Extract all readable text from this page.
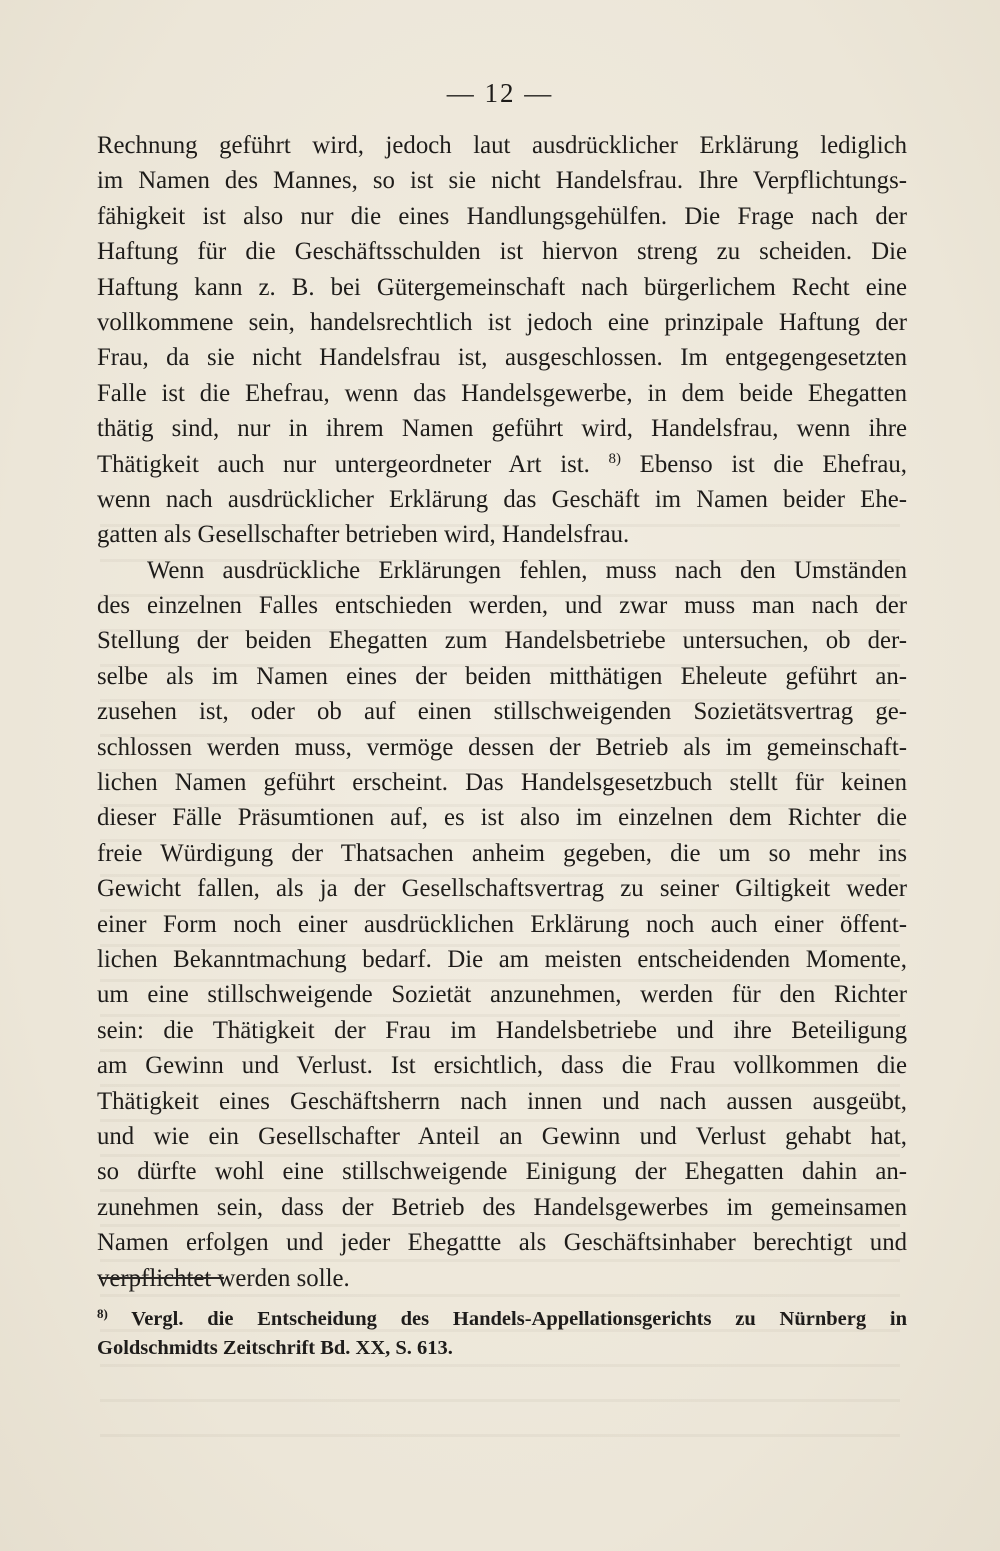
— 12 —
Rechnung geführt wird, jedoch laut ausdrücklicher Erklärung lediglich
im Namen des Mannes, so ist sie nicht Handelsfrau. Ihre Verpflichtungs-
fähigkeit ist also nur die eines Handlungsgehülfen. Die Frage nach der
Haftung für die Geschäftsschulden ist hiervon streng zu scheiden. Die
Haftung kann z. B. bei Gütergemeinschaft nach bürgerlichem Recht eine
vollkommene sein, handelsrechtlich ist jedoch eine prinzipale Haftung der
Frau, da sie nicht Handelsfrau ist, ausgeschlossen. Im entgegengesetzten
Falle ist die Ehefrau, wenn das Handelsgewerbe, in dem beide Ehegatten
thätig sind, nur in ihrem Namen geführt wird, Handelsfrau, wenn ihre
Thätigkeit auch nur untergeordneter Art ist. $^{8)}$ Ebenso ist die Ehefrau,
wenn nach ausdrücklicher Erklärung das Geschäft im Namen beider Ehe-
gatten als Gesellschafter betrieben wird, Handelsfrau.
Wenn ausdrückliche Erklärungen fehlen, muss nach den Umständen
des einzelnen Falles entschieden werden, und zwar muss man nach der
Stellung der beiden Ehegatten zum Handelsbetriebe untersuchen, ob der-
selbe als im Namen eines der beiden mitthätigen Eheleute geführt an-
zusehen ist, oder ob auf einen stillschweigenden Sozietätsvertrag ge-
schlossen werden muss, vermöge dessen der Betrieb als im gemeinschaft-
lichen Namen geführt erscheint. Das Handelsgesetzbuch stellt für keinen
dieser Fälle Präsumtionen auf, es ist also im einzelnen dem Richter die
freie Würdigung der Thatsachen anheim gegeben, die um so mehr ins
Gewicht fallen, als ja der Gesellschaftsvertrag zu seiner Giltigkeit weder
einer Form noch einer ausdrücklichen Erklärung noch auch einer öffent-
lichen Bekanntmachung bedarf. Die am meisten entscheidenden Momente,
um eine stillschweigende Sozietät anzunehmen, werden für den Richter
sein: die Thätigkeit der Frau im Handelsbetriebe und ihre Beteiligung
am Gewinn und Verlust. Ist ersichtlich, dass die Frau vollkommen die
Thätigkeit eines Geschäftsherrn nach innen und nach aussen ausgeübt,
und wie ein Gesellschafter Anteil an Gewinn und Verlust gehabt hat,
so dürfte wohl eine stillschweigende Einigung der Ehegatten dahin an-
zunehmen sein, dass der Betrieb des Handelsgewerbes im gemeinsamen
Namen erfolgen und jeder Ehegattte als Geschäftsinhaber berechtigt und
verpflichtet werden solle.
$^{8)}$ Vergl. die Entscheidung des Handels-Appellationsgerichts zu Nürnberg in
Goldschmidts Zeitschrift Bd. XX, S. 613.
